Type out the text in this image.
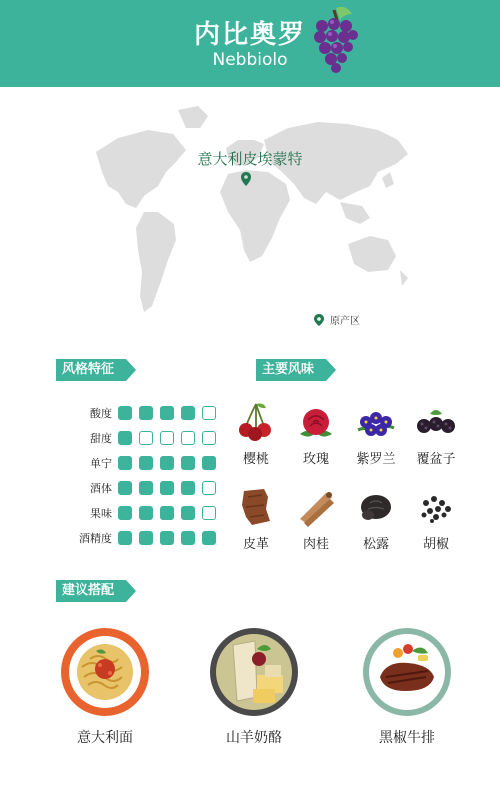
内比奥罗
Nebbiolo
意大利皮埃蒙特
原产区
风格特征	主要风味
建议搭配
酸度
甜度
单宁
酒体
果味
酒精度
樱桃	玫瑰	紫罗兰	覆盆子
皮革	肉桂	松露	胡椒
意大利面	山羊奶酪	黑椒牛排
